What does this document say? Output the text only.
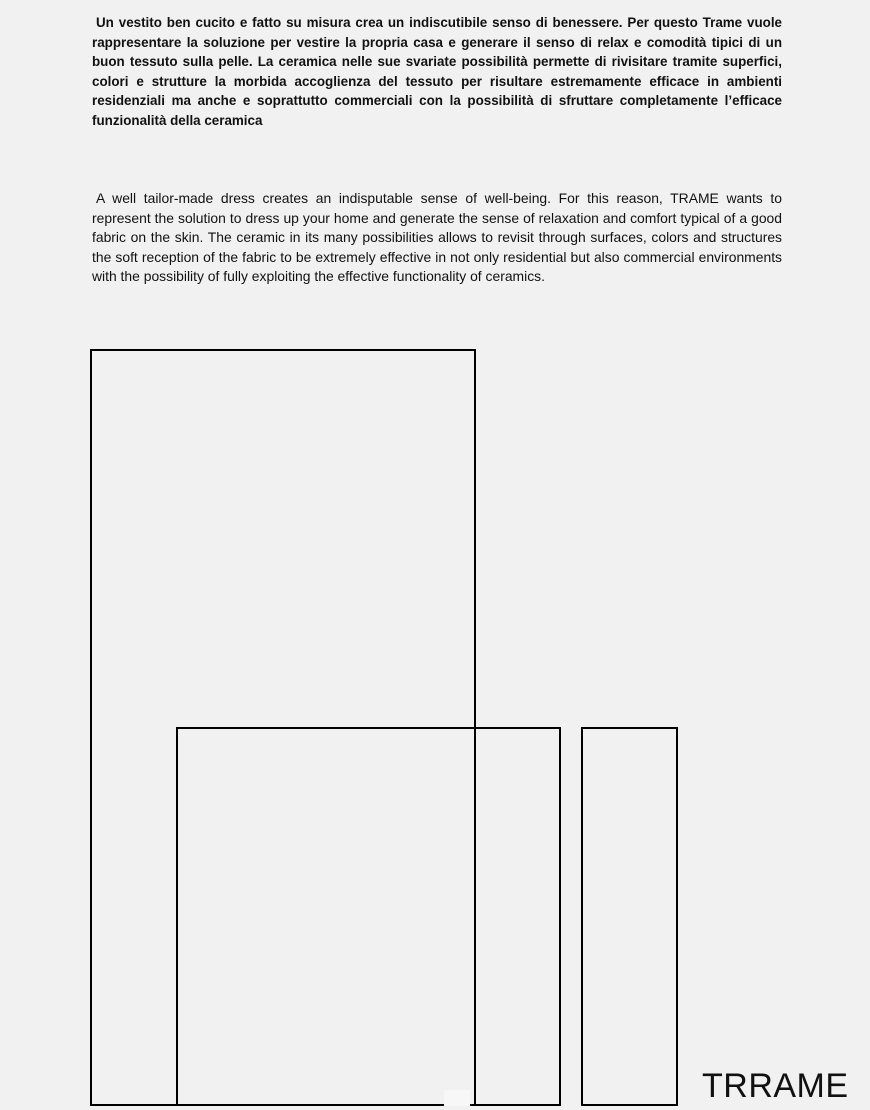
Un vestito ben cucito e fatto su misura crea un indiscutibile senso di benessere. Per questo Trame vuole rappresentare la soluzione per vestire la propria casa e generare il senso di relax e comodità tipici di un buon tessuto sulla pelle. La ceramica nelle sue svariate possibilità permette di rivisitare tramite superfici, colori e strutture la morbida accoglienza del tessuto per risultare estremamente efficace in ambienti residenziali ma anche e soprattutto commerciali con la possibilità di sfruttare completamente l’efficace funzionalità della ceramica

A well tailor-made dress creates an indisputable sense of well-being. For this reason, TRAME wants to represent the solution to dress up your home and generate the sense of relaxation and comfort typical of a good fabric on the skin. The ceramic in its many possibilities allows to revisit through surfaces, colors and structures the soft reception of the fabric to be extremely effective in not only residential but also commercial environments with the possibility of fully exploiting the effective functionality of ceramics.

TRRAME
